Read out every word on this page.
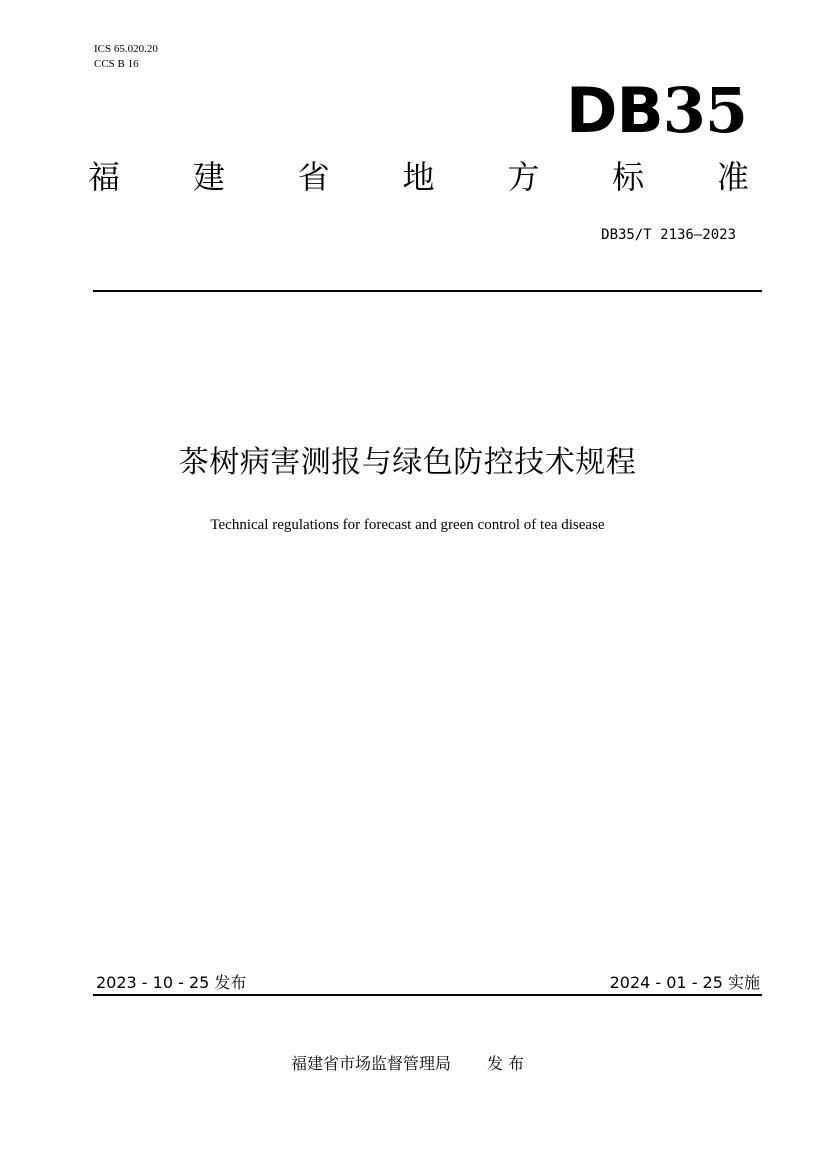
ICS 65.020.20
CCS B 16
DB35
福 建 省 地 方 标 准
DB35/T 2136—2023
茶树病害测报与绿色防控技术规程
Technical regulations for forecast and green control of tea disease
2023 - 10 - 25 发布	2024 - 01 - 25 实施
福建省市场监督管理局 发 布
